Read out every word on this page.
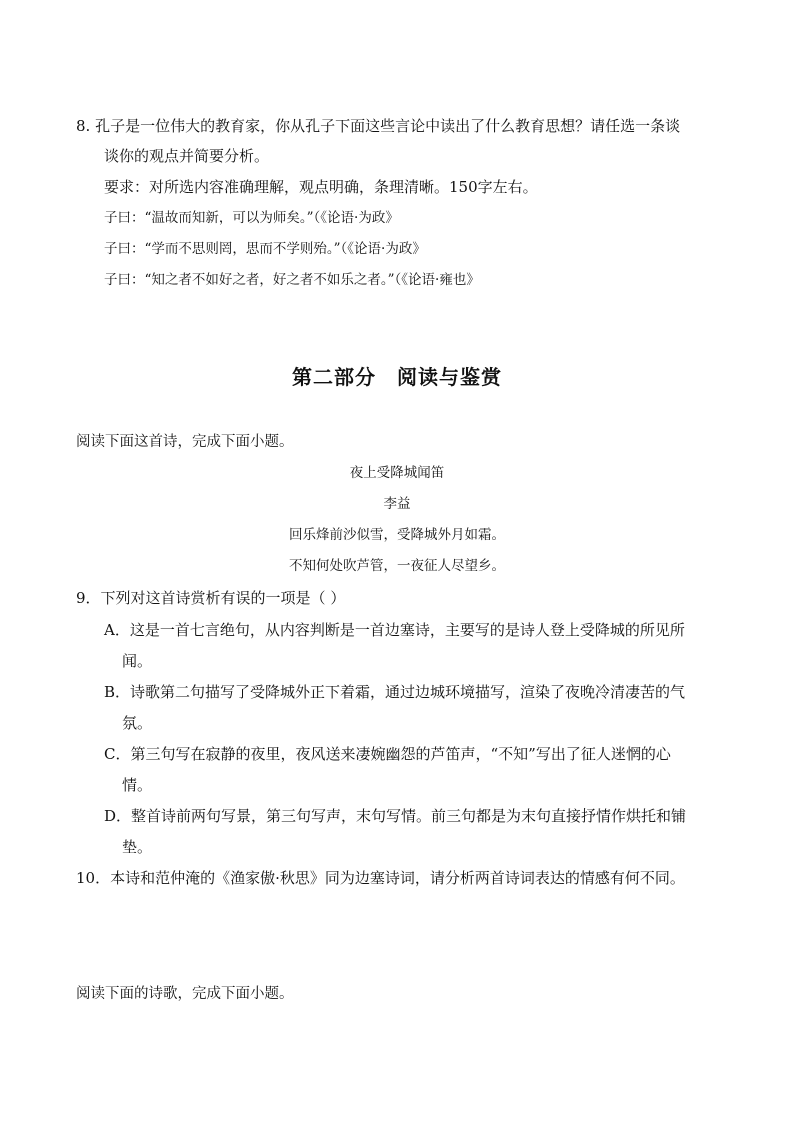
8. 孔子是一位伟大的教育家，你从孔子下面这些言论中读出了什么教育思想？请任选一条谈
谈你的观点并简要分析。
要求：对所选内容准确理解，观点明确，条理清晰。150字左右。
子曰：“温故而知新，可以为师矣。”（《论语·为政》
子曰：“学而不思则罔，思而不学则殆。”（《论语·为政》
子曰：“知之者不如好之者，好之者不如乐之者。”（《论语·雍也》
第二部分　阅读与鉴赏
阅读下面这首诗，完成下面小题。
夜上受降城闻笛
李益
回乐烽前沙似雪，受降城外月如霜。
不知何处吹芦管，一夜征人尽望乡。
9．下列对这首诗赏析有误的一项是（ ）
A．这是一首七言绝句，从内容判断是一首边塞诗，主要写的是诗人登上受降城的所见所
闻。
B．诗歌第二句描写了受降城外正下着霜，通过边城环境描写，渲染了夜晚冷清凄苦的气
氛。
C．第三句写在寂静的夜里，夜风送来凄婉幽怨的芦笛声，“不知”写出了征人迷惘的心
情。
D．整首诗前两句写景，第三句写声，末句写情。前三句都是为末句直接抒情作烘托和铺
垫。
10．本诗和范仲淹的《渔家傲·秋思》同为边塞诗词，请分析两首诗词表达的情感有何不同。
阅读下面的诗歌，完成下面小题。
